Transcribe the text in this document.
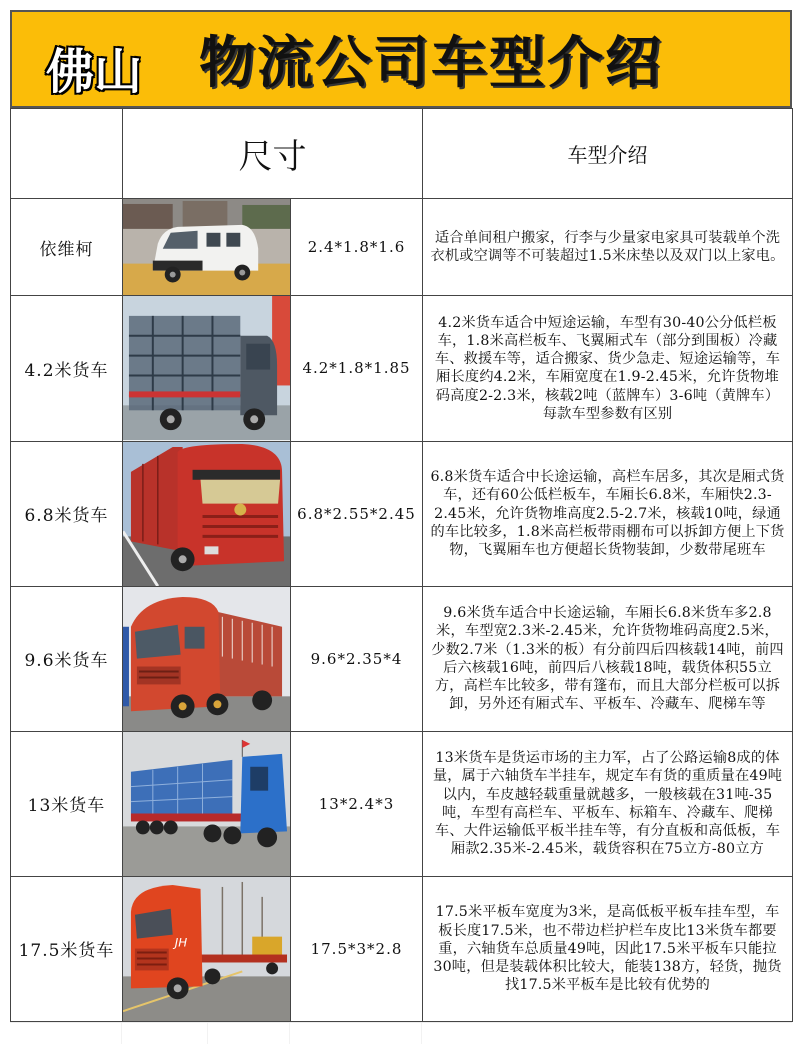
物流公司车型介绍
	尺寸		车型介绍
依维柯		2.4*1.8*1.6	适合单间租户搬家，行李与少量家电家具可装载单个洗衣机或空调等不可装超过1.5米床垫以及双门以上家电。
4.2米货车		4.2*1.8*1.85	4.2米货车适合中短途运输，车型有30-40公分低栏板车，1.8米高栏板车、飞翼厢式车（部分到围板）冷藏车、救援车等，适合搬家、货少急走、短途运输等，车厢长度约4.2米，车厢宽度在1.9-2.45米，允许货物堆码高度2-2.3米，核载2吨（蓝牌车）3-6吨（黄牌车）每款车型参数有区别
6.8米货车		6.8*2.55*2.45	6.8米货车适合中长途运输，高栏车居多，其次是厢式货车，还有60公低栏板车，车厢长6.8米，车厢快2.3-2.45米，允许货物堆高度2.5-2.7米，核载10吨，绿通的车比较多，1.8米高栏板带雨棚布可以拆卸方便上下货物，飞翼厢车也方便超长货物装卸，少数带尾班车
9.6米货车		9.6*2.35*4	9.6米货车适合中长途运输，车厢长6.8米货车多2.8米，车型宽2.3米-2.45米，允许货物堆码高度2.5米，少数2.7米（1.3米的板）有分前四后四核载14吨，前四后六核载16吨，前四后八核载18吨，载货体积55立方，高栏车比较多，带有篷布，而且大部分栏板可以拆卸，另外还有厢式车、平板车、冷藏车、爬梯车等
13米货车		13*2.4*3	13米货车是货运市场的主力军，占了公路运输8成的体量，属于六轴货车半挂车，规定车有货的重质量在49吨以内，车皮越轻载重量就越多，一般核载在31吨-35吨，车型有高栏车、平板车、标箱车、冷藏车、爬梯车、大件运输低平板半挂车等，有分直板和高低板，车厢款2.35米-2.45米，载货容积在75立方-80立方
17.5米货车	JH	17.5*3*2.8	17.5米平板车宽度为3米，是高低板平板车挂车型，车板长度17.5米，也不带边栏护栏车皮比13米货车都要重，六轴货车总质量49吨，因此17.5米平板车只能拉30吨，但是装载体积比较大，能装138方，轻货，抛货找17.5米平板车是比较有优势的
佛山
